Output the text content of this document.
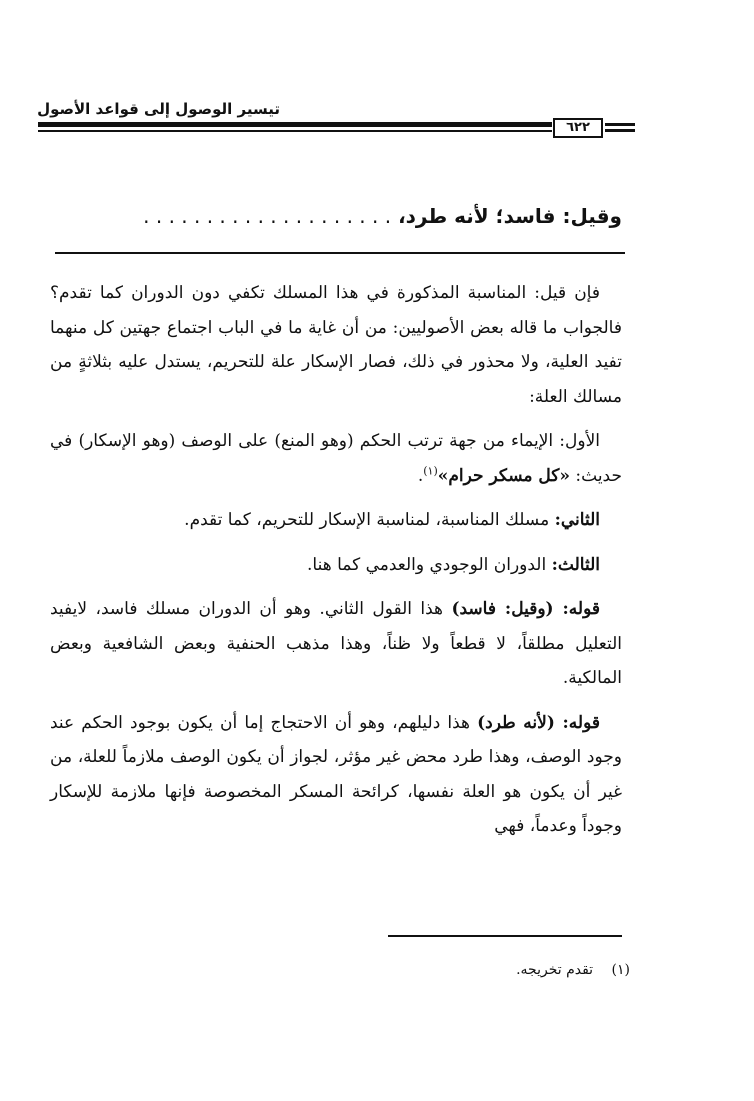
تيسير الوصول إلى قواعد الأصول
٦٢٢
وقيل: فاسد؛ لأنه طرد، . . . . . . . . . . . . . . . . . . . .

فإن قيل: المناسبة المذكورة في هذا المسلك تكفي دون الدوران كما تقدم؟ فالجواب ما قاله بعض الأصوليين: من أن غاية ما في الباب اجتماع جهتين كل منهما تفيد العلية، ولا محذور في ذلك، فصار الإسكار علة للتحريم، يستدل عليه بثلاثةٍ من مسالك العلة:

الأول: الإيماء من جهة ترتب الحكم (وهو المنع) على الوصف (وهو الإسكار) في حديث: «كل مسكر حرام»$^{(١)}$.

الثاني: مسلك المناسبة، لمناسبة الإسكار للتحريم، كما تقدم.

الثالث: الدوران الوجودي والعدمي كما هنا.

قوله: (وقيل: فاسد) هذا القول الثاني. وهو أن الدوران مسلك فاسد، لايفيد التعليل مطلقاً، لا قطعاً ولا ظناً، وهذا مذهب الحنفية وبعض الشافعية وبعض المالكية.

قوله: (لأنه طرد) هذا دليلهم، وهو أن الاحتجاج إما أن يكون بوجود الحكم عند وجود الوصف، وهذا طرد محض غير مؤثر، لجواز أن يكون الوصف ملازماً للعلة، من غير أن يكون هو العلة نفسها، كرائحة المسكر المخصوصة فإنها ملازمة للإسكار وجوداً وعدماً، فهي

(١) تقدم تخريجه.
